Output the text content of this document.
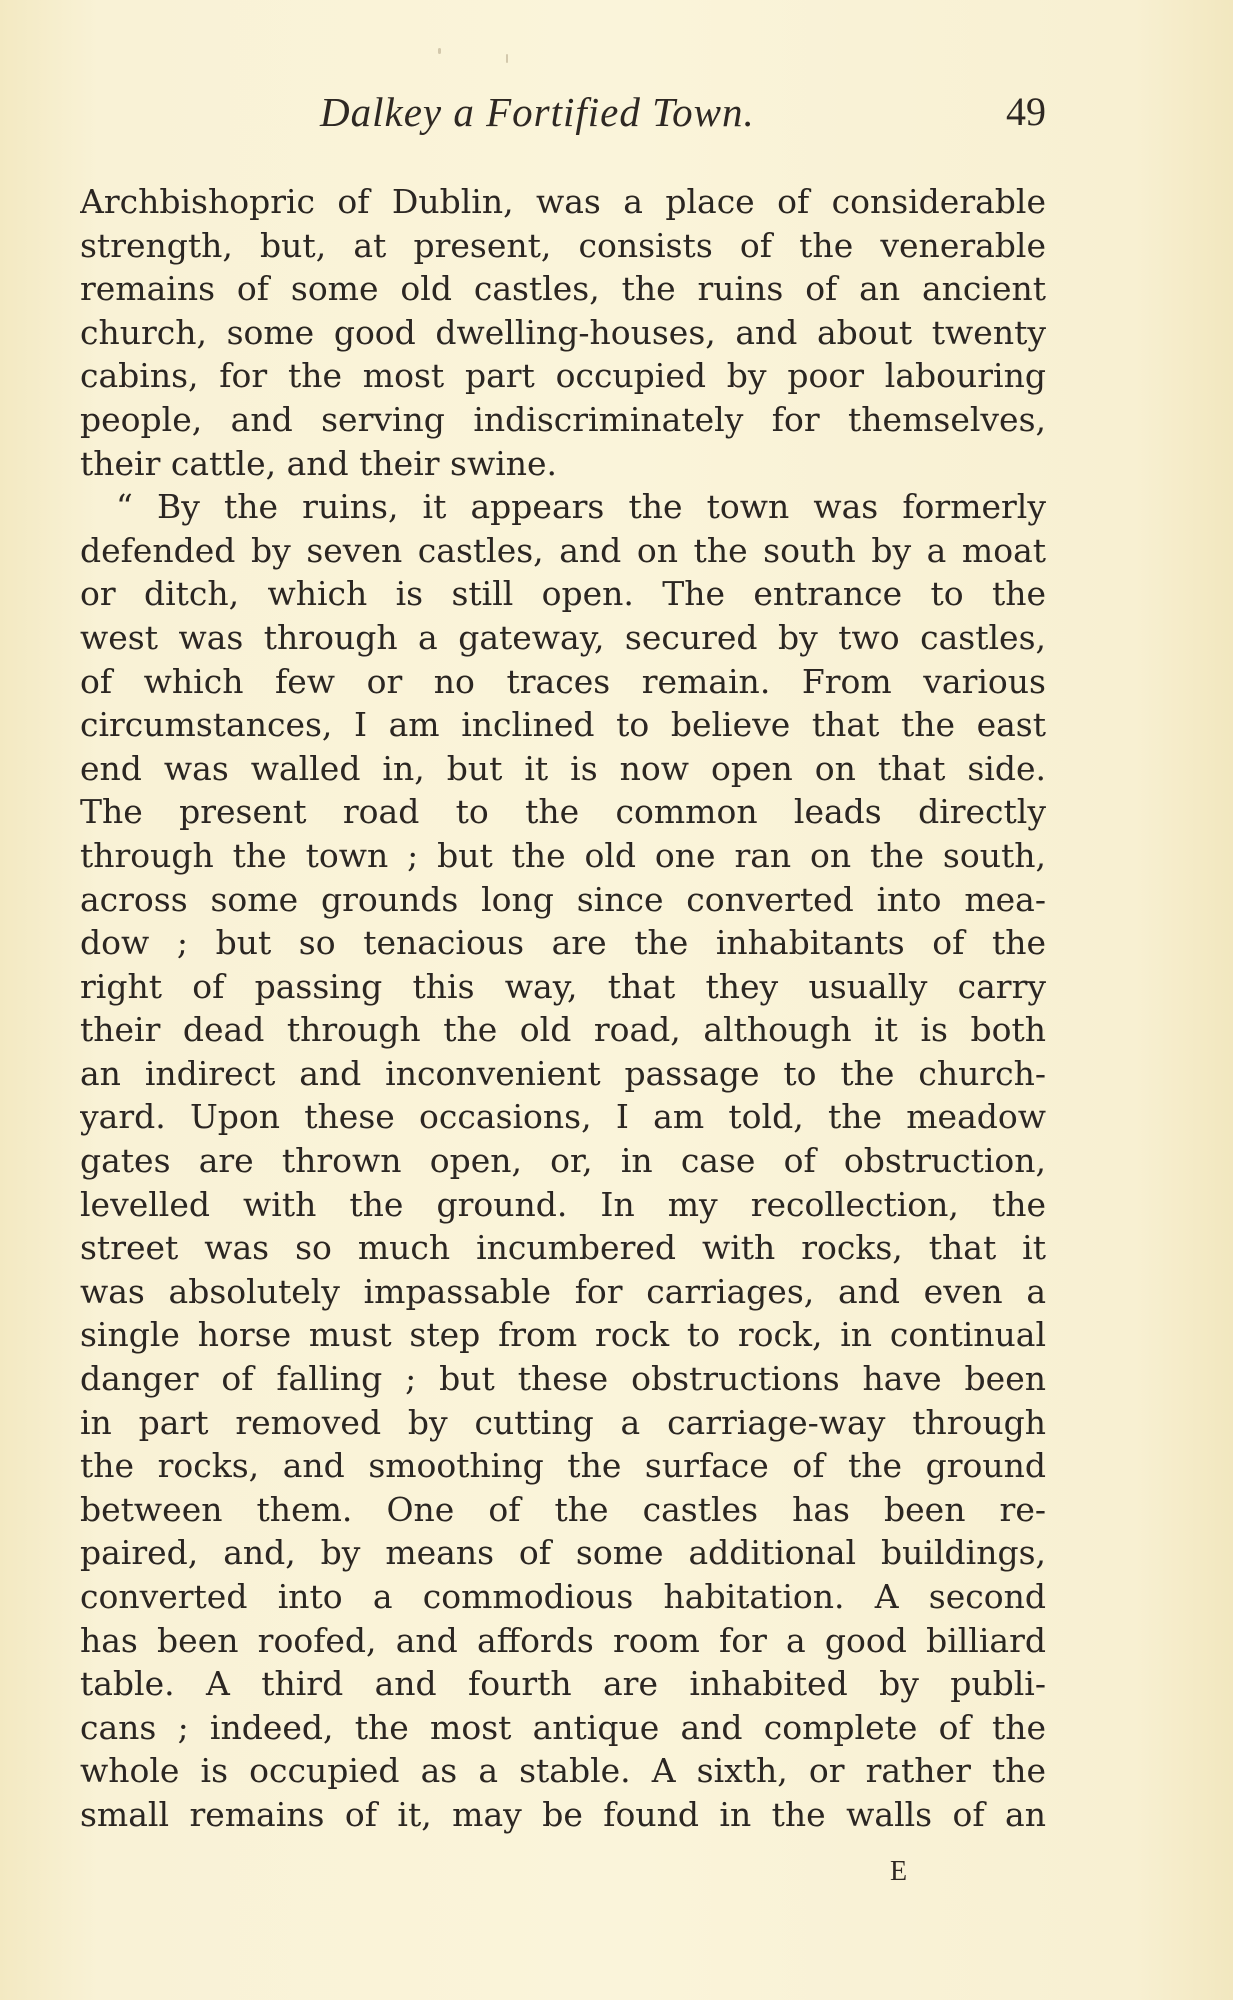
Dalkey a Fortified Town.	49
Archbishopric of Dublin, was a place of considerable
strength, but, at present, consists of the venerable
remains of some old castles, the ruins of an ancient
church, some good dwelling-houses, and about twenty
cabins, for the most part occupied by poor labouring
people, and serving indiscriminately for themselves,
their cattle, and their swine.
“ By the ruins, it appears the town was formerly
defended by seven castles, and on the south by a moat
or ditch, which is still open. The entrance to the
west was through a gateway, secured by two castles,
of which few or no traces remain. From various
circumstances, I am inclined to believe that the east
end was walled in, but it is now open on that side.
The present road to the common leads directly
through the town ; but the old one ran on the south,
across some grounds long since converted into mea-
dow ; but so tenacious are the inhabitants of the
right of passing this way, that they usually carry
their dead through the old road, although it is both
an indirect and inconvenient passage to the church-
yard. Upon these occasions, I am told, the meadow
gates are thrown open, or, in case of obstruction,
levelled with the ground. In my recollection, the
street was so much incumbered with rocks, that it
was absolutely impassable for carriages, and even a
single horse must step from rock to rock, in continual
danger of falling ; but these obstructions have been
in part removed by cutting a carriage-way through
the rocks, and smoothing the surface of the ground
between them. One of the castles has been re-
paired, and, by means of some additional buildings,
converted into a commodious habitation. A second
has been roofed, and affords room for a good billiard
table. A third and fourth are inhabited by publi-
cans ; indeed, the most antique and complete of the
whole is occupied as a stable. A sixth, or rather the
small remains of it, may be found in the walls of an
E
